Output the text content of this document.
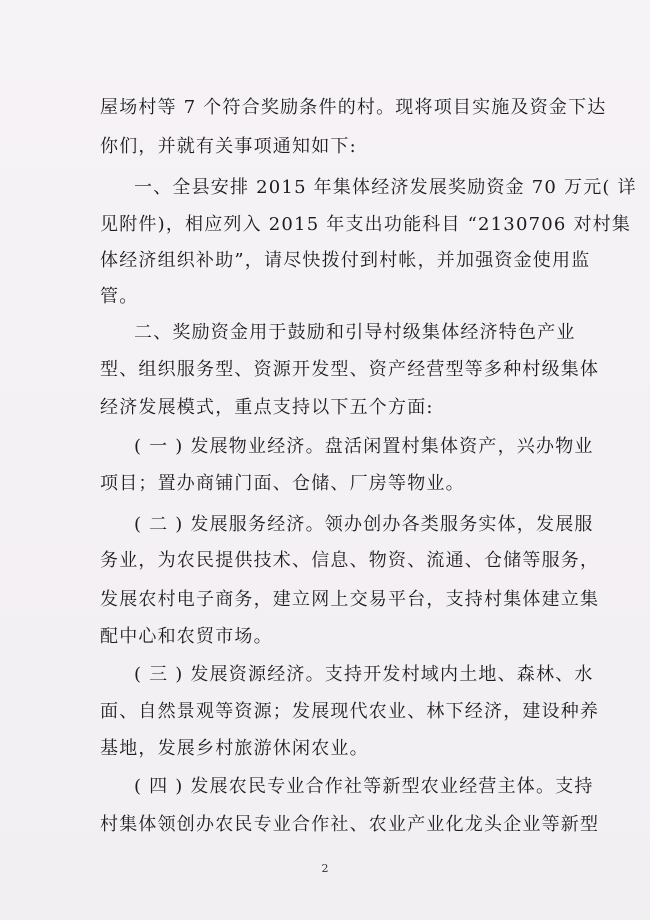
屋场村等 7 个符合奖励条件的村。现将项目实施及资金下达
你们，并就有关事项通知如下:
一、全县安排 2015 年集体经济发展奖励资金 70 万元( 详
见附件)，相应列入 2015 年支出功能科目 “2130706 对村集
体经济组织补助”，请尽快拨付到村帐，并加强资金使用监
管。
二、奖励资金用于鼓励和引导村级集体经济特色产业
型、组织服务型、资源开发型、资产经营型等多种村级集体
经济发展模式，重点支持以下五个方面:
( 一 ) 发展物业经济。盘活闲置村集体资产，兴办物业
项目；置办商铺门面、仓储、厂房等物业。
( 二 ) 发展服务经济。领办创办各类服务实体，发展服
务业，为农民提供技术、信息、物资、流通、仓储等服务，
发展农村电子商务，建立网上交易平台，支持村集体建立集
配中心和农贸市场。
( 三 ) 发展资源经济。支持开发村域内土地、森林、水
面、自然景观等资源；发展现代农业、林下经济，建设种养
基地，发展乡村旅游休闲农业。
( 四 ) 发展农民专业合作社等新型农业经营主体。支持
村集体领创办农民专业合作社、农业产业化龙头企业等新型
2
